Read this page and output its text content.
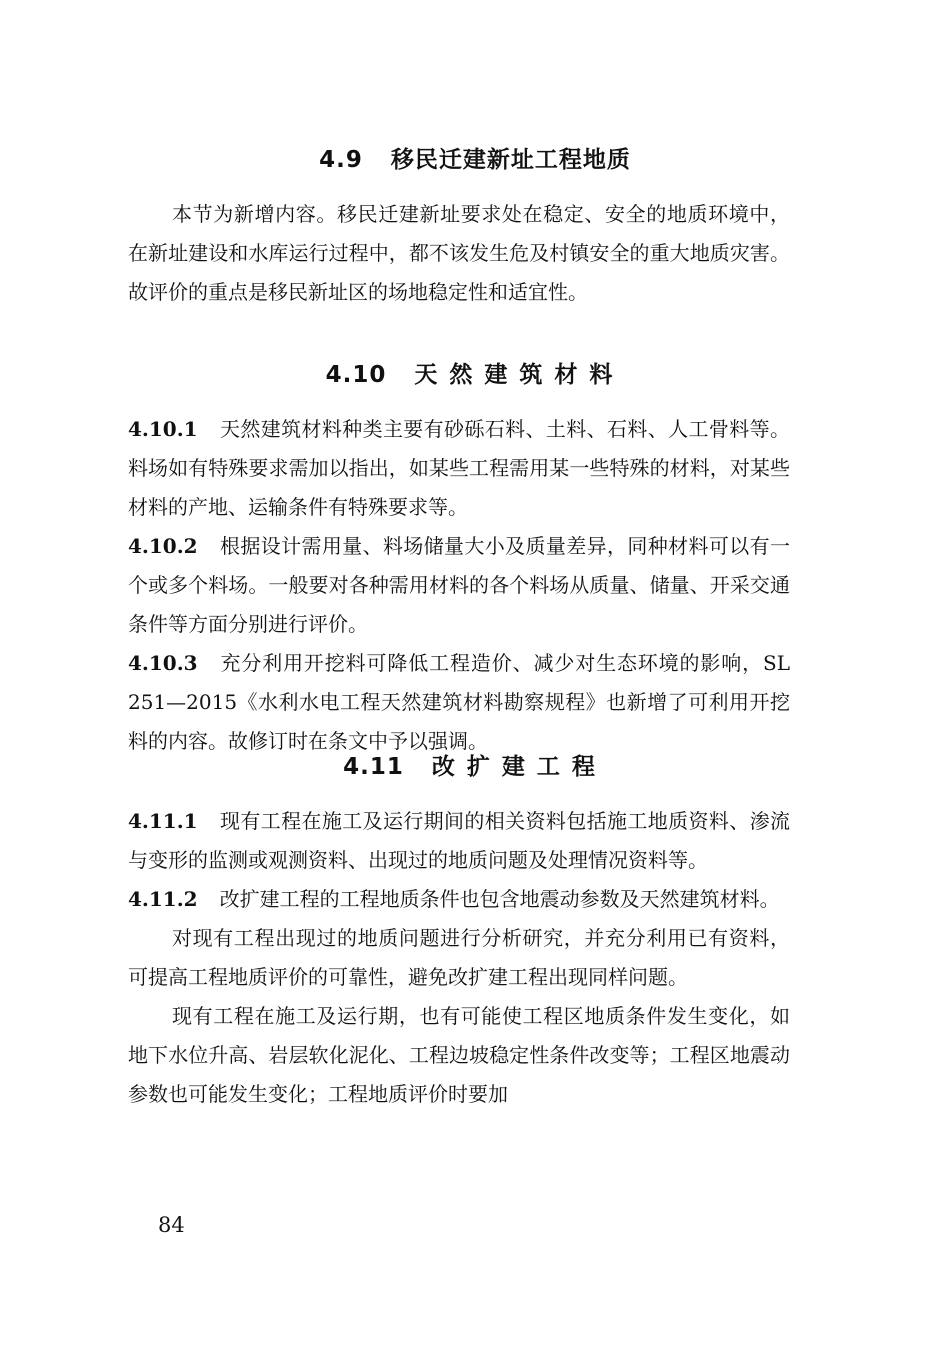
4.9 移民迁建新址工程地质

本节为新增内容。移民迁建新址要求处在稳定、安全的地质环境中，在新址建设和水库运行过程中，都不该发生危及村镇安全的重大地质灾害。故评价的重点是移民新址区的场地稳定性和适宜性。

4.10 天然建筑材料

4.10.1 天然建筑材料种类主要有砂砾石料、土料、石料、人工骨料等。料场如有特殊要求需加以指出，如某些工程需用某一些特殊的材料，对某些材料的产地、运输条件有特殊要求等。

4.10.2 根据设计需用量、料场储量大小及质量差异，同种材料可以有一个或多个料场。一般要对各种需用材料的各个料场从质量、储量、开采交通条件等方面分别进行评价。

4.10.3 充分利用开挖料可降低工程造价、减少对生态环境的影响，SL 251—2015《水利水电工程天然建筑材料勘察规程》也新增了可利用开挖料的内容。故修订时在条文中予以强调。

4.11 改扩建工程

4.11.1 现有工程在施工及运行期间的相关资料包括施工地质资料、渗流与变形的监测或观测资料、出现过的地质问题及处理情况资料等。

4.11.2 改扩建工程的工程地质条件也包含地震动参数及天然建筑材料。

对现有工程出现过的地质问题进行分析研究，并充分利用已有资料，可提高工程地质评价的可靠性，避免改扩建工程出现同样问题。

现有工程在施工及运行期，也有可能使工程区地质条件发生变化，如地下水位升高、岩层软化泥化、工程边坡稳定性条件改变等；工程区地震动参数也可能发生变化；工程地质评价时要加

84
